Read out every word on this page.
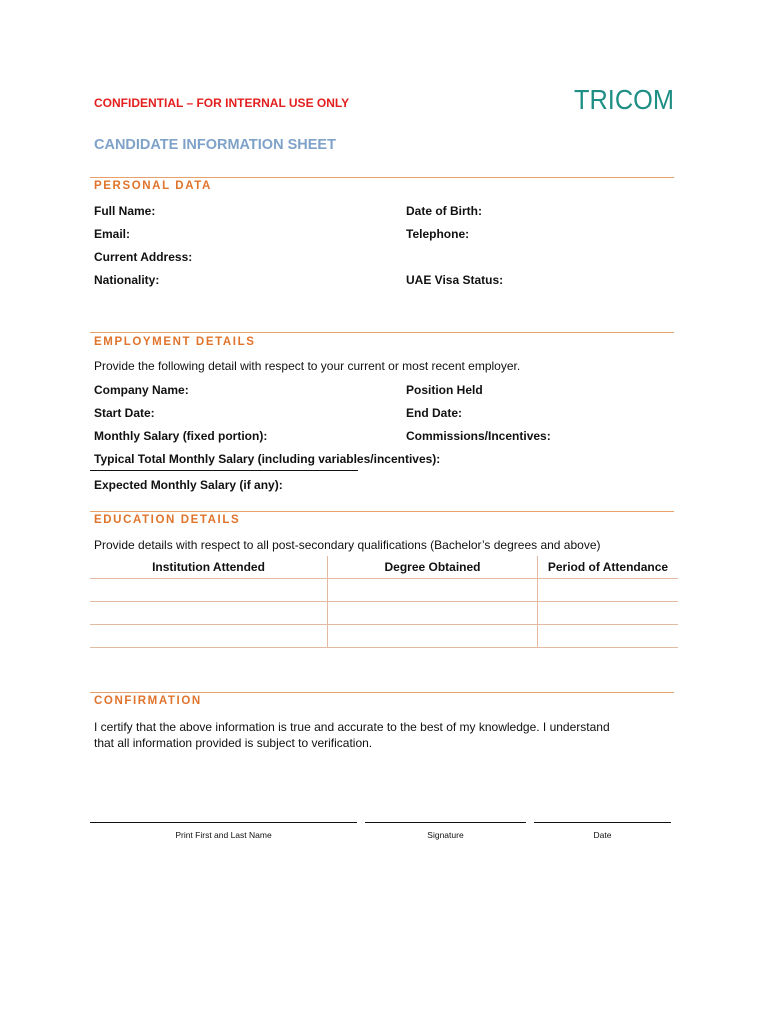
CONFIDENTIAL – FOR INTERNAL USE ONLY	TRICOM
CANDIDATE INFORMATION SHEET
PERSONAL DATA
Full Name:	Date of Birth:
Email:	Telephone:
Current Address:
Nationality:	UAE Visa Status:
EMPLOYMENT DETAILS
Provide the following detail with respect to your current or most recent employer.
Company Name:	Position Held
Start Date:	End Date:
Monthly Salary (fixed portion):	Commissions/Incentives:
Typical Total Monthly Salary (including variables/incentives):
Expected Monthly Salary (if any):
EDUCATION DETAILS
Provide details with respect to all post-secondary qualifications (Bachelor’s degrees and above)
Institution Attended	Degree Obtained	Period of Attendance

CONFIRMATION
I certify that the above information is true and accurate to the best of my knowledge. I understand
that all information provided is subject to verification.
Print First and Last Name	Signature	Date
